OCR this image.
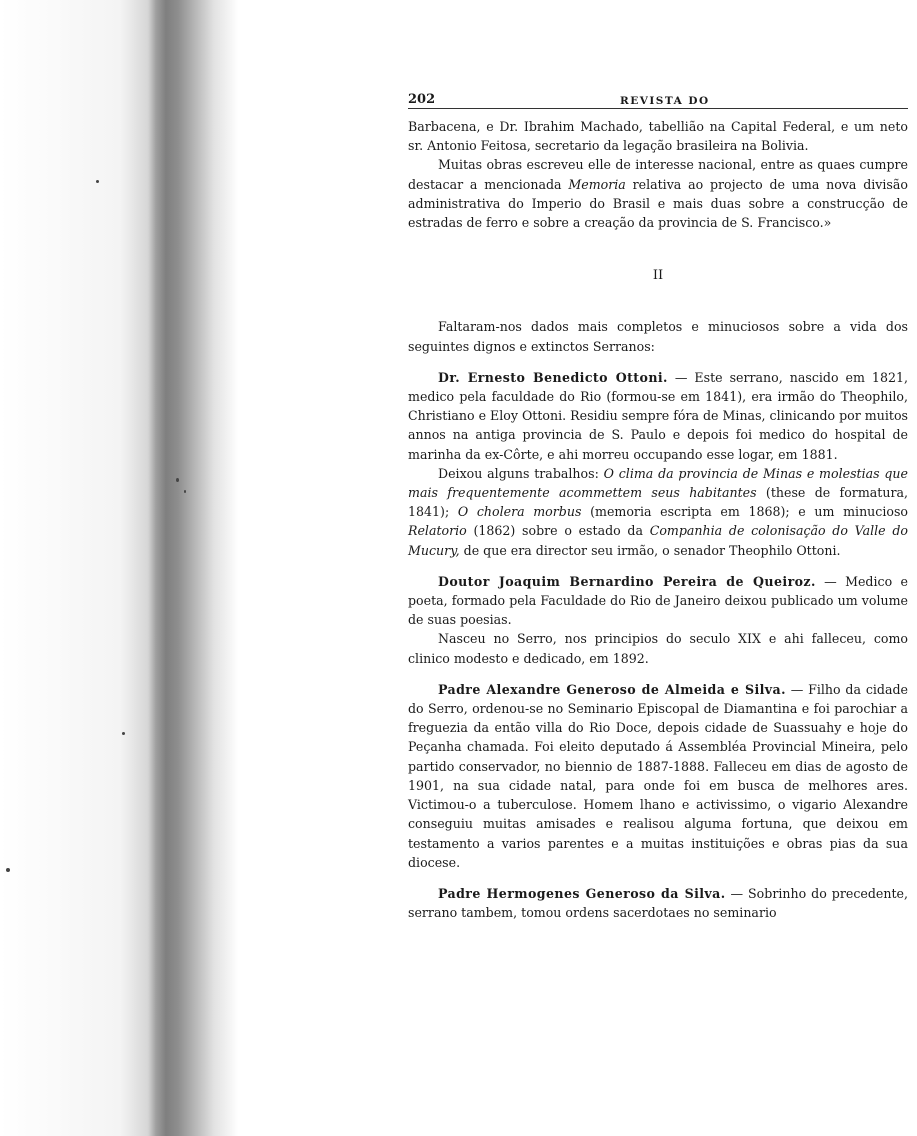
202	REVISTA DO

Barbacena, e Dr. Ibrahim Machado, tabellião na Capital Federal, e um neto sr. Antonio Feitosa, secretario da legação brasileira na Bolivia.

Muitas obras escreveu elle de interesse nacional, entre as quaes cumpre destacar a mencionada Memoria relativa ao projecto de uma nova divisão administrativa do Imperio do Brasil e mais duas sobre a construcção de estradas de ferro e sobre a creação da provincia de S. Francisco.»

II

Faltaram-nos dados mais completos e minuciosos sobre a vida dos seguintes dignos e extinctos Serranos:

Dr. Ernesto Benedicto Ottoni. — Este serrano, nascido em 1821, medico pela faculdade do Rio (formou-se em 1841), era irmão do Theophilo, Christiano e Eloy Ottoni. Residiu sempre fóra de Minas, clinicando por muitos annos na antiga provincia de S. Paulo e depois foi medico do hospital de marinha da ex-Côrte, e ahi morreu occupando esse logar, em 1881.

Deixou alguns trabalhos: O clima da provincia de Minas e molestias que mais frequentemente acommettem seus habitantes (these de formatura, 1841); O cholera morbus (memoria escripta em 1868); e um minucioso Relatorio (1862) sobre o estado da Companhia de colonisação do Valle do Mucury, de que era director seu irmão, o senador Theophilo Ottoni.

Doutor Joaquim Bernardino Pereira de Queiroz. — Medico e poeta, formado pela Faculdade do Rio de Janeiro deixou publicado um volume de suas poesias.

Nasceu no Serro, nos principios do seculo XIX e ahi falleceu, como clinico modesto e dedicado, em 1892.

Padre Alexandre Generoso de Almeida e Silva. — Filho da cidade do Serro, ordenou-se no Seminario Episcopal de Diamantina e foi parochiar a freguezia da então villa do Rio Doce, depois cidade de Suassuahy e hoje do Peçanha chamada. Foi eleito deputado á Assembléa Provincial Mineira, pelo partido conservador, no biennio de 1887-1888. Falleceu em dias de agosto de 1901, na sua cidade natal, para onde foi em busca de melhores ares. Victimou-o a tuberculose. Homem lhano e activissimo, o vigario Alexandre conseguiu muitas amisades e realisou alguma fortuna, que deixou em testamento a varios parentes e a muitas instituições e obras pias da sua diocese.

Padre Hermogenes Generoso da Silva. — Sobrinho do precedente, serrano tambem, tomou ordens sacerdotaes no seminario
